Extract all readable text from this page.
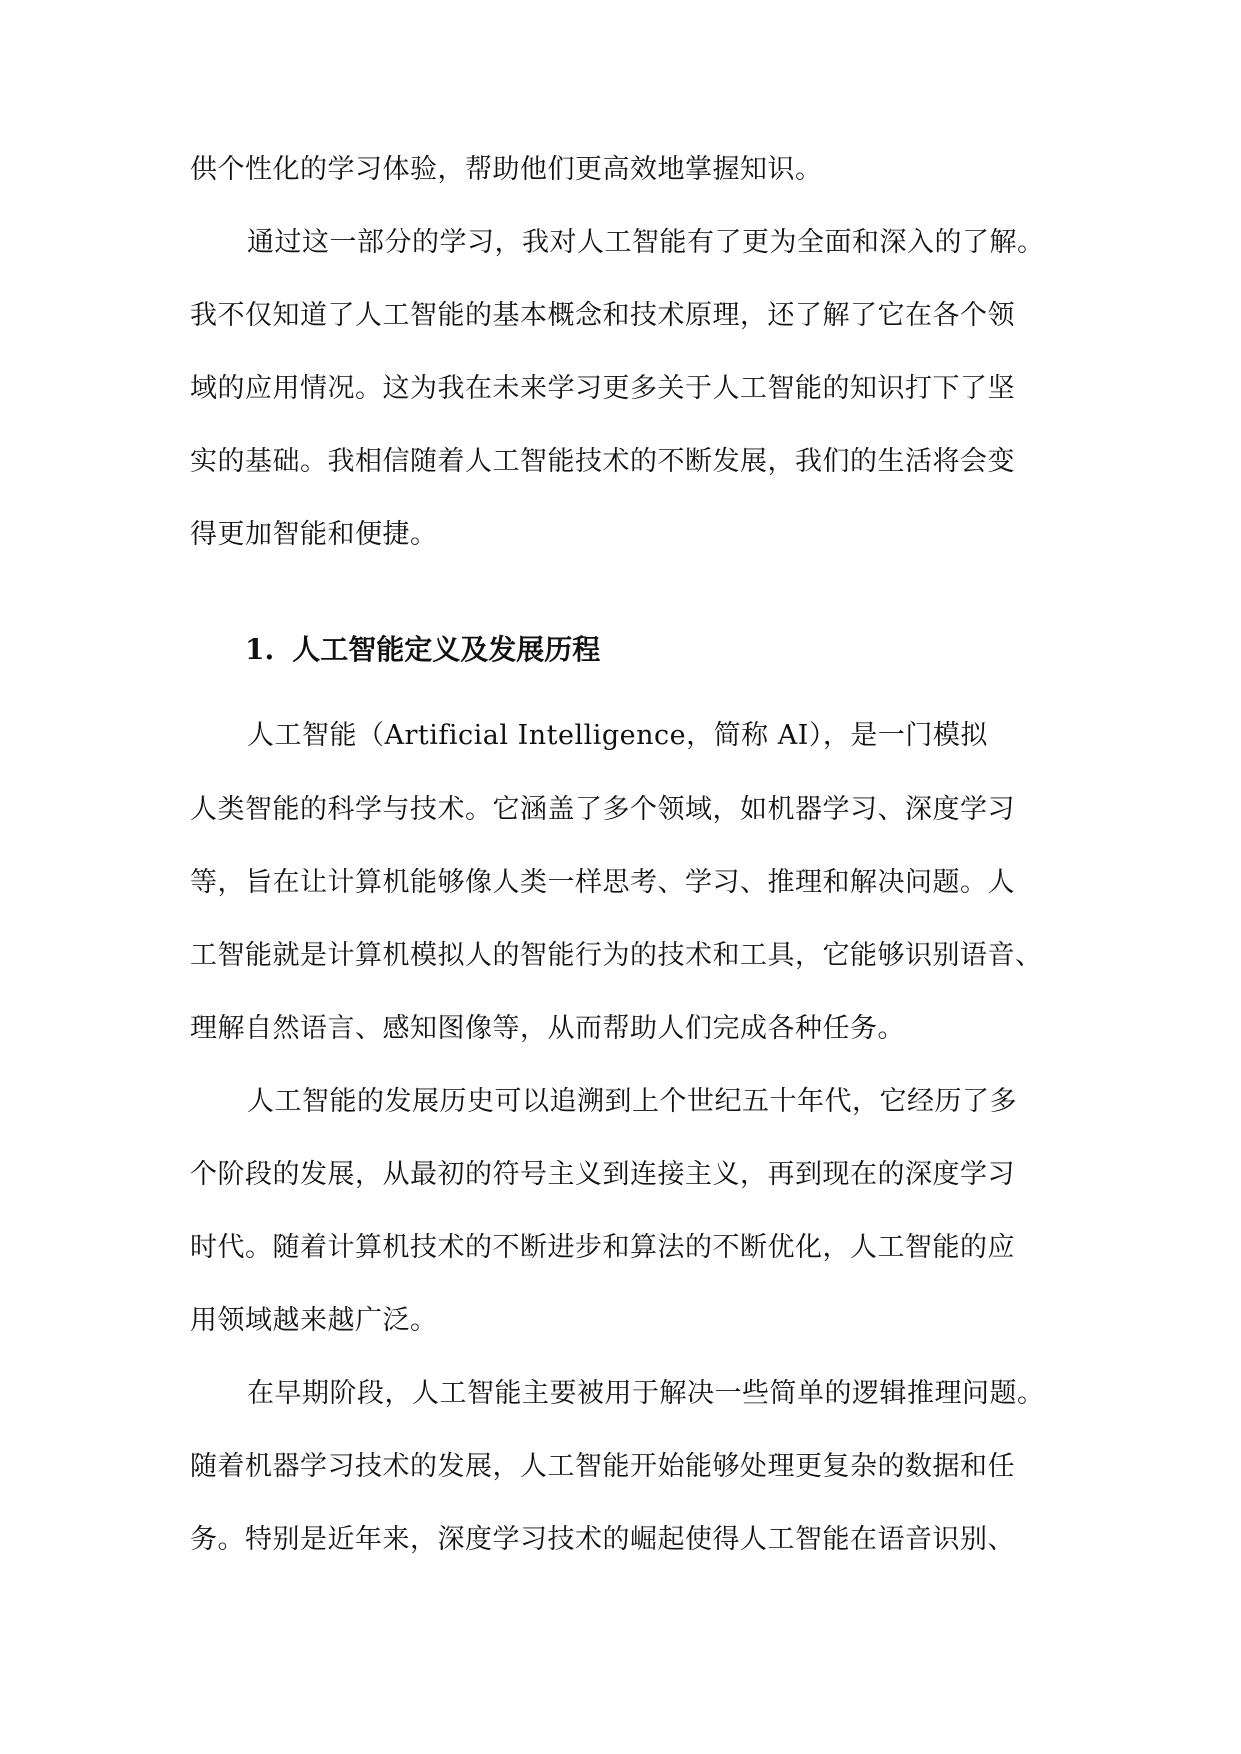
供个性化的学习体验，帮助他们更高效地掌握知识。
通过这一部分的学习，我对人工智能有了更为全面和深入的了解。
我不仅知道了人工智能的基本概念和技术原理，还了解了它在各个领
域的应用情况。这为我在未来学习更多关于人工智能的知识打下了坚
实的基础。我相信随着人工智能技术的不断发展，我们的生活将会变
得更加智能和便捷。
1. 人工智能定义及发展历程
人工智能（Artificial Intelligence，简称 AI），是一门模拟
人类智能的科学与技术。它涵盖了多个领域，如机器学习、深度学习
等，旨在让计算机能够像人类一样思考、学习、推理和解决问题。人
工智能就是计算机模拟人的智能行为的技术和工具，它能够识别语音、
理解自然语言、感知图像等，从而帮助人们完成各种任务。
人工智能的发展历史可以追溯到上个世纪五十年代，它经历了多
个阶段的发展，从最初的符号主义到连接主义，再到现在的深度学习
时代。随着计算机技术的不断进步和算法的不断优化，人工智能的应
用领域越来越广泛。
在早期阶段，人工智能主要被用于解决一些简单的逻辑推理问题。
随着机器学习技术的发展，人工智能开始能够处理更复杂的数据和任
务。特别是近年来，深度学习技术的崛起使得人工智能在语音识别、
